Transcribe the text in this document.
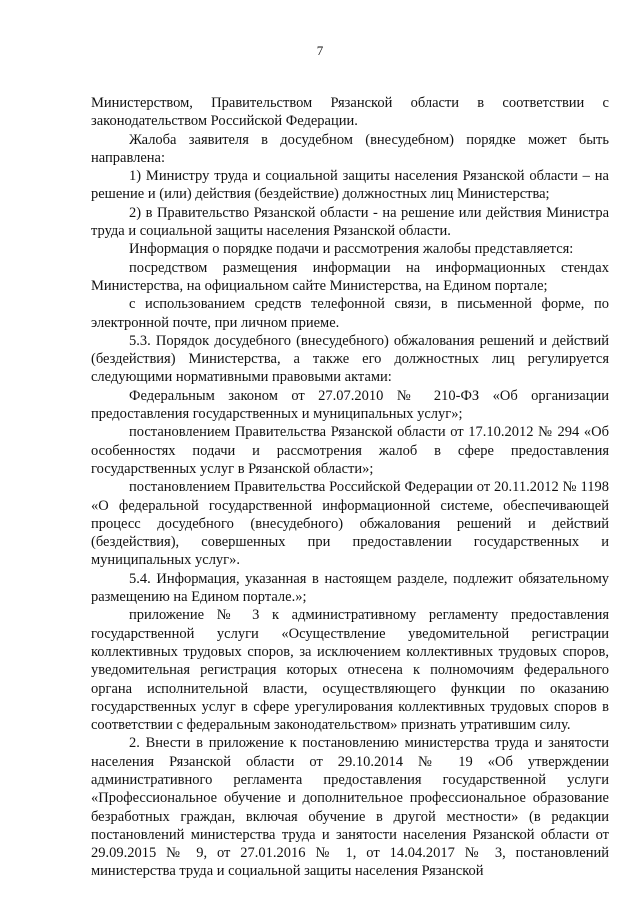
7

Министерством, Правительством Рязанской области в соответствии с законодательством Российской Федерации.

Жалоба заявителя в досудебном (внесудебном) порядке может быть направлена:

1) Министру труда и социальной защиты населения Рязанской области – на решение и (или) действия (бездействие) должностных лиц Министерства;

2) в Правительство Рязанской области - на решение или действия Министра труда и социальной защиты населения Рязанской области.

Информация о порядке подачи и рассмотрения жалобы представляется:

посредством размещения информации на информационных стендах Министерства, на официальном сайте Министерства, на Едином портале;

с использованием средств телефонной связи, в письменной форме, по электронной почте, при личном приеме.

5.3. Порядок досудебного (внесудебного) обжалования решений и действий (бездействия) Министерства, а также его должностных лиц регулируется следующими нормативными правовыми актами:

Федеральным законом от 27.07.2010 № 210-ФЗ «Об организации предоставления государственных и муниципальных услуг»;

постановлением Правительства Рязанской области от 17.10.2012 № 294 «Об особенностях подачи и рассмотрения жалоб в сфере предоставления государственных услуг в Рязанской области»;

постановлением Правительства Российской Федерации от 20.11.2012 № 1198 «О федеральной государственной информационной системе, обеспечивающей процесс досудебного (внесудебного) обжалования решений и действий (бездействия), совершенных при предоставлении государственных и муниципальных услуг».

5.4. Информация, указанная в настоящем разделе, подлежит обязательному размещению на Едином портале.»;

приложение № 3 к административному регламенту предоставления государственной услуги «Осуществление уведомительной регистрации коллективных трудовых споров, за исключением коллективных трудовых споров, уведомительная регистрация которых отнесена к полномочиям федерального органа исполнительной власти, осуществляющего функции по оказанию государственных услуг в сфере урегулирования коллективных трудовых споров в соответствии с федеральным законодательством» признать утратившим силу.

2. Внести в приложение к постановлению министерства труда и занятости населения Рязанской области от 29.10.2014 № 19 «Об утверждении административного регламента предоставления государственной услуги «Профессиональное обучение и дополнительное профессиональное образование безработных граждан, включая обучение в другой местности» (в редакции постановлений министерства труда и занятости населения Рязанской области от 29.09.2015 № 9, от 27.01.2016 № 1, от 14.04.2017 № 3, постановлений министерства труда и социальной защиты населения Рязанской
